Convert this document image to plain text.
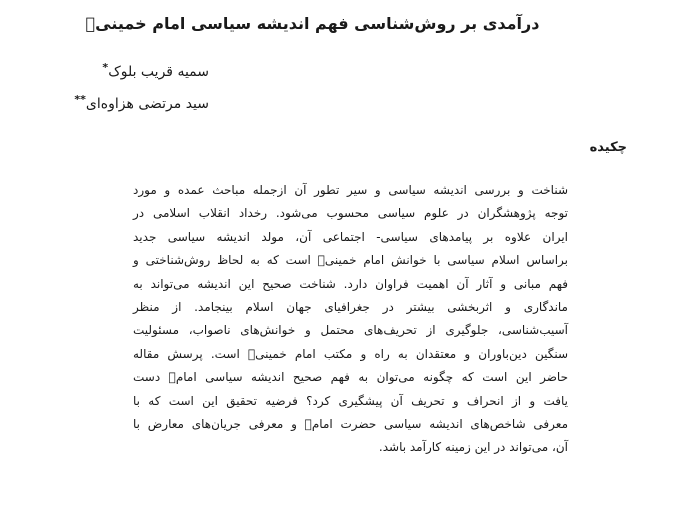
درآمدی بر روش‌شناسی فهم اندیشه سیاسی امام خمینیؒ
سمیه قریب بلوک*
سید مرتضی هزاوه‌ای**
چکیده
شناخت و بررسی اندیشه سیاسی و سیر تطور آن ازجمله مباحث عمده و مورد
توجه پژوهشگران در علوم سیاسی محسوب می‌شود. رخداد انقلاب اسلامی در
ایران علاوه بر پیامدهای سیاسی- اجتماعی آن، مولد اندیشه سیاسی جدید
براساس اسلام سیاسی با خوانش امام خمینیؒ است که به لحاظ روش‌شناختی و
فهم مبانی و آثار آن اهمیت فراوان دارد. شناخت صحیح این اندیشه می‌تواند به
ماندگاری و اثربخشی بیشتر در جغرافیای جهان اسلام بینجامد. از منظر
آسیب‌شناسی، جلوگیری از تحریف‌های محتمل و خوانش‌های ناصواب، مسئولیت
سنگین دین‌باوران و معتقدان به راه و مکتب امام خمینیؒ است. پرسش مقاله
حاضر این است که چگونه می‌توان به فهم صحیح اندیشه سیاسی امامؒ دست
یافت و از انحراف و تحریف آن پیشگیری کرد؟ فرضیه تحقیق این است که با
معرفی شاخص‌های اندیشه سیاسی حضرت امامؒ و معرفی جریان‌های معارض با
آن، می‌تواند در این زمینه کارآمد باشد.
